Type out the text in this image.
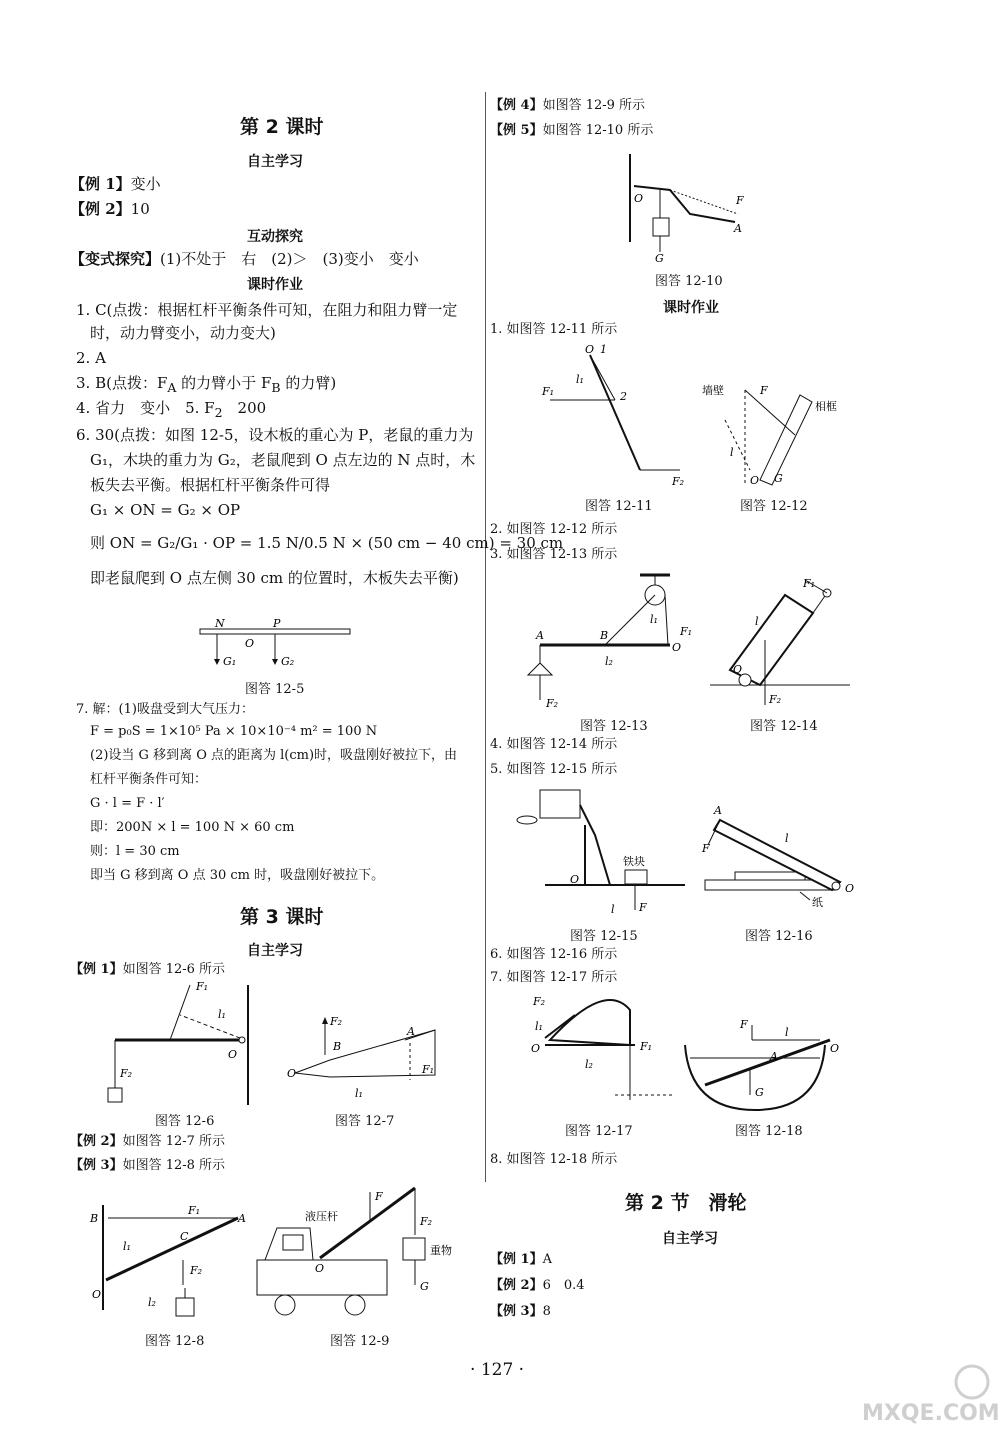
第 2 课时
自主学习
【例 1】变小
【例 2】10
互动探究
【变式探究】(1)不处于　右　(2)＞　(3)变小　变小
课时作业
1. C(点拨：根据杠杆平衡条件可知，在阻力和阻力臂一定
时，动力臂变小，动力变大)
2. A
3. B(点拨：$F_A$ 的力臂小于 $F_B$ 的力臂)
4. 省力　变小　5. $F_2$　200
6. 30(点拨：如图 12-5，设木板的重心为 P，老鼠的重力为
G₁，木块的重力为 G₂，老鼠爬到 O 点左边的 N 点时，木
板失去平衡。根据杠杆平衡条件可得
G₁ × ON = G₂ × OP
则 ON = G₂/G₁ · OP = 1.5 N/0.5 N × (50 cm − 40 cm) = 30 cm
即老鼠爬到 O 点左侧 30 cm 的位置时，木板失去平衡)
N	P
O
G₁	G₂
图答 12-5
7. 解：(1)吸盘受到大气压力：
F = p₀S = 1×10⁵ Pa × 10×10⁻⁴ m² = 100 N
(2)设当 G 移到离 O 点的距离为 l(cm)时，吸盘刚好被拉下，由
杠杆平衡条件可知：
G · l = F · l′
即：200N × l = 100 N × 60 cm
则：l = 30 cm
即当 G 移到离 O 点 30 cm 时，吸盘刚好被拉下。
第 3 课时
自主学习
【例 1】如图答 12-6 所示
O
F₁
l₁
F₂	O
B
A
F₂
F₁
l₁
图答 12-6	图答 12-7
【例 2】如图答 12-7 所示
【例 3】如图答 12-8 所示
B	A
F₁
l₁
C
F₂
O
l₂
液压杆
重物
F
F₂
G
O
图答 12-8	图答 12-9
【例 4】如图答 12-9 所示
【例 5】如图答 12-10 所示
O	F
A
G
图答 12-10
课时作业
1. 如图答 12-11 所示
O 1
l₁
2
F₁
F₂
墙壁
相框
F
l
O G
图答 12-11	图答 12-12
2. 如图答 12-12 所示
3. 如图答 12-13 所示
A	B
O
l₁
F₁
l₂
F₂
F₁
O
F₂
l
图答 12-13	图答 12-14
4. 如图答 12-14 所示
5. 如图答 12-15 所示
铁块
O
l F
A
O
F
l
纸
图答 12-15	图答 12-16
6. 如图答 12-16 所示
7. 如图答 12-17 所示
F₂
l₁
O	F₁
l₂
F
l
A
O
G
图答 12-17	图答 12-18
8. 如图答 12-18 所示
第 2 节　滑轮
自主学习
【例 1】A
【例 2】6　0.4
【例 3】8
· 127 ·
MXQE.COM
